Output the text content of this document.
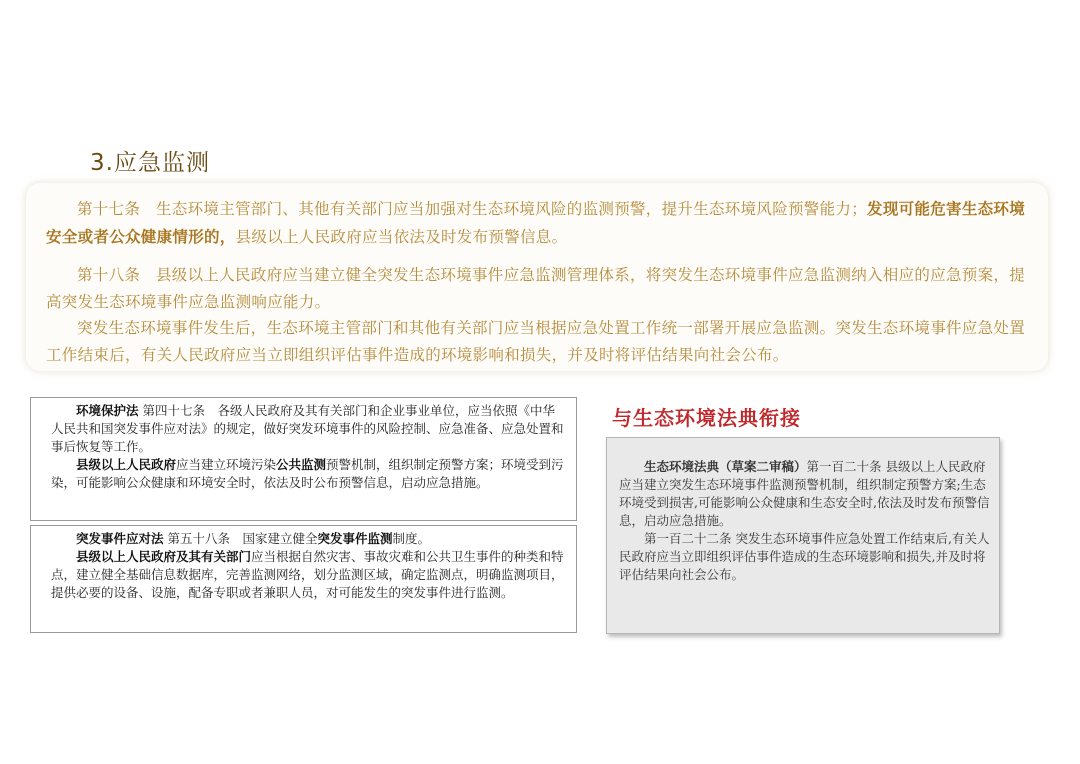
3.应急监测
第十七条　生态环境主管部门、其他有关部门应当加强对生态环境风险的监测预警，提升生态环境风险预警能力；发现可能危害生态环境安全或者公众健康情形的，县级以上人民政府应当依法及时发布预警信息。
第十八条　县级以上人民政府应当建立健全突发生态环境事件应急监测管理体系，将突发生态环境事件应急监测纳入相应的应急预案，提高突发生态环境事件应急监测响应能力。
突发生态环境事件发生后，生态环境主管部门和其他有关部门应当根据应急处置工作统一部署开展应急监测。突发生态环境事件应急处置工作结束后，有关人民政府应当立即组织评估事件造成的环境影响和损失，并及时将评估结果向社会公布。

环境保护法 第四十七条　各级人民政府及其有关部门和企业事业单位，应当依照《中华人民共和国突发事件应对法》的规定，做好突发环境事件的风险控制、应急准备、应急处置和事后恢复等工作。

县级以上人民政府应当建立环境污染公共监测预警机制，组织制定预警方案；环境受到污染，可能影响公众健康和环境安全时，依法及时公布预警信息，启动应急措施。

突发事件应对法 第五十八条　国家建立健全突发事件监测制度。

县级以上人民政府及其有关部门应当根据自然灾害、事故灾难和公共卫生事件的种类和特点，建立健全基础信息数据库，完善监测网络，划分监测区域，确定监测点，明确监测项目，提供必要的设备、设施，配备专职或者兼职人员，对可能发生的突发事件进行监测。

与生态环境法典衔接

生态环境法典（草案二审稿）第一百二十条 县级以上人民政府应当建立突发生态环境事件监测预警机制，组织制定预警方案;生态环境受到损害,可能影响公众健康和生态安全时,依法及时发布预警信息，启动应急措施。

第一百二十二条 突发生态环境事件应急处置工作结束后,有关人民政府应当立即组织评估事件造成的生态环境影响和损失,并及时将评估结果向社会公布。
